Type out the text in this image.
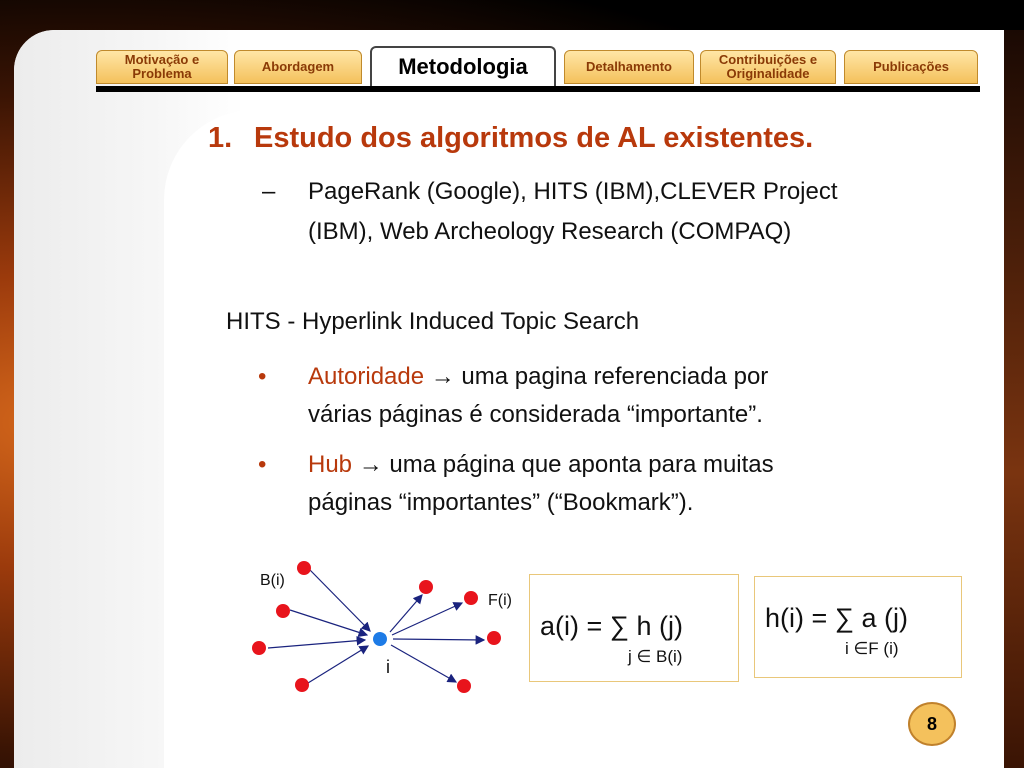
Motivação e Problema	Abordagem	Metodologia	Detalhamento	Contribuições e Originalidade	Publicações
1. Estudo dos algoritmos de AL existentes.
– PageRank (Google), HITS (IBM),CLEVER Project
(IBM), Web Archeology Research (COMPAQ)
HITS - Hyperlink Induced Topic Search
• Autoridade → uma pagina referenciada por
várias páginas é considerada “importante”.
• Hub → uma página que aponta para muitas
páginas “importantes” (“Bookmark”).
B(i)
F(i)
i
a(i) = ∑ h (j)
j ∈ B(i)
h(i) = ∑ a (j)
i ∈F (i)
8
